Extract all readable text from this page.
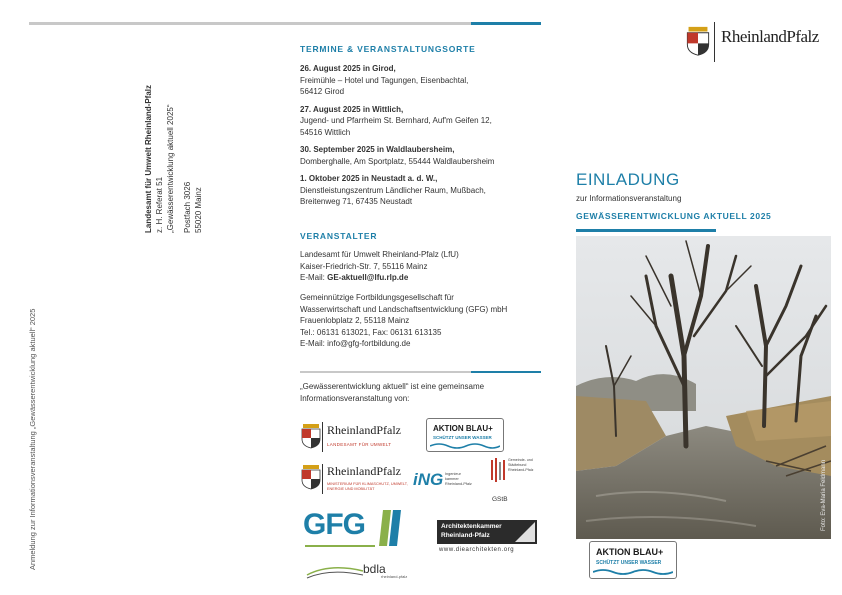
Anmeldung zur Informationsveranstaltung „Gewässerentwicklung aktuell“ 2025
Landesamt für Umwelt Rheinland-Pfalz z. H. Referat 51 „Gewässerentwicklung aktuell 2025“ Postfach 3026 55020 Mainz
TERMINE & VERANSTALTUNGSORTE
26. August 2025 in Girod,
Freimühle – Hotel und Tagungen, Eisenbachtal,
56412 Girod
27. August 2025 in Wittlich,
Jugend- und Pfarrheim St. Bernhard, Auf'm Geifen 12,
54516 Wittlich
30. September 2025 in Waldlaubersheim,
Domberghalle, Am Sportplatz, 55444 Waldlaubersheim
1. Oktober 2025 in Neustadt a. d. W.,
Dienstleistungszentrum Ländlicher Raum, Mußbach,
Breitenweg 71, 67435 Neustadt
VERANSTALTER
Landesamt für Umwelt Rheinland-Pfalz (LfU)
Kaiser-Friedrich-Str. 7, 55116 Mainz
E-Mail: GE-aktuell@lfu.rlp.de
Gemeinnützige Fortbildungsgesellschaft für
Wasserwirtschaft und Landschaftsentwicklung (GFG) mbH
Frauenlobplatz 2, 55118 Mainz
Tel.: 06131 613021, Fax: 06131 613135
E-Mail: info@gfg-fortbildung.de
„Gewässerentwicklung aktuell“ ist eine gemeinsame
Informationsveranstaltung von:
RheinlandPfalz
LANDESAMT FÜR UMWELT
AKTION BLAU+
SCHÜTZT UNSER WASSER
RheinlandPfalz
MINISTERIUM FÜR KLIMASCHUTZ, UMWELT,
ENERGIE UND MOBILITÄT iNG Ingenieur
kammer
Rheinland-Pfalz
Gemeinde- und
Städtebund
Rheinland-Pfalz
GStB
GFG	Architektenkammer
Rheinland-Pfalz
www.diearchitekten.org
bdla
rheinland-pfalz
RheinlandPfalz
EINLADUNG
zur Informationsveranstaltung
GEWÄSSERENTWICKLUNG AKTUELL 2025
Foto: Eva-Maria Feldmann
AKTION BLAU+
SCHÜTZT UNSER WASSER
